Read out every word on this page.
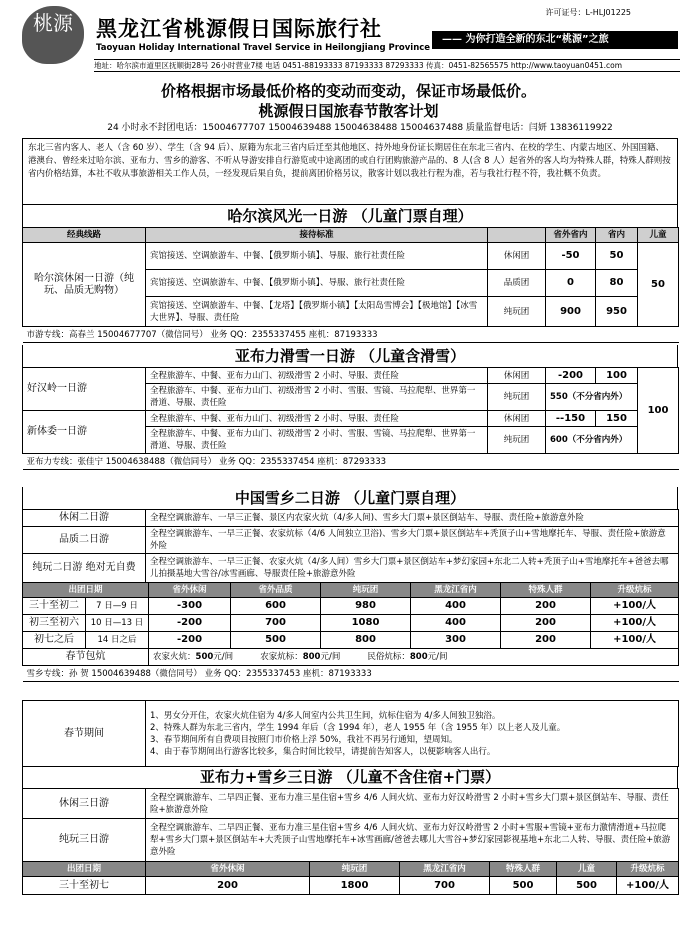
桃源	许可证号：L-HLJ01225
黑龙江省桃源假日国际旅行社
Taoyuan Holiday International Travel Service in Heilongjiang Province
—— 为你打造全新的东北“桃源”之旅
地址：哈尔滨市道里区抚顺街28号 26小时营业7楼 电话 0451-88193333 87193333 87293333 传真：0451-82565575 http://www.taoyuan0451.com
价格根据市场最低价格的变动而变动，保证市场最低价。
桃源假日国旅春节散客计划
24 小时永不封团电话：15004677707 15004639488 15004638488 15004637488 质量监督电话：闫妍 13836119922
东北三省内客人、老人（含 60 岁）、学生（含 94 后）、原籍为东北三省内后迁至其他地区、持外地身份证长期居住在东北三省内、在校的学生、内蒙古地区、外国国籍、港澳台、曾经来过哈尔滨、亚布力、雪乡的游客、不听从导游安排自行游览或中途离团的或自行团购旅游产品的、8 人(含 8 人）起省外的客人均为特殊人群，特殊人群则按省内价格结算，本社不收从事旅游相关工作人员，一经发现后果自负，提前离团价格另议，散客计划以我社行程为准，若与我社行程不符，我社概不负责。
哈尔滨风光一日游 （儿童门票自理）
经典线路	接待标准		省外省内	省内	儿童
哈尔滨休闲一日游（纯玩、品质无购物）	宾馆接送、空调旅游车、中餐、【俄罗斯小镇】、导服、旅行社责任险	休闲团	-50	50	50
	宾馆接送、空调旅游车、中餐、【俄罗斯小镇】、导服、旅行社责任险	品质团	0	80	
	宾馆接送、空调旅游车、中餐、【龙塔】【俄罗斯小镇】【太阳岛雪博会】【极地馆】【冰雪大世界】、导服、责任险	纯玩团	900	950	
市游专线：高春兰 15004677707（微信同号） 业务 QQ：2355337455 座机：87193333					
亚布力滑雪一日游 （儿童含滑雪）
好汉岭一日游	全程旅游车、中餐、亚布力山门、初级滑雪 2 小时、导服、责任险	休闲团	-200	100	100
	全程旅游车、中餐、亚布力山门、初级滑雪 2 小时、雪服、雪镜、马拉爬犁、世界第一滑道、导服、责任险	纯玩团	550（不分省内外）		
新体委一日游	全程旅游车、中餐、亚布力山门、初级滑雪 2 小时、导服、责任险	休闲团	--150	150	
	全程旅游车、中餐、亚布力山门、初级滑雪 2 小时、雪服、雪镜、马拉爬犁、世界第一滑道、导服、责任险	纯玩团	600（不分省内外）		
亚布力专线：张佳宁 15004638488（微信同号） 业务 QQ：2355337454 座机：87293333					
中国雪乡二日游 （儿童门票自理）
休闲二日游	全程空调旅游车、一早三正餐、景区内农家火炕（4/多人间)、雪乡大门票+景区倒站车、导服、责任险+旅游意外险
品质二日游	全程空调旅游车、一早三正餐、农家炕标（4/6 人间独立卫浴)、雪乡大门票+景区倒站车+秃顶子山+雪地摩托车、导服、责任险+旅游意外险
纯玩二日游 绝对无自费	全程空调旅游车、一早三正餐、农家火炕（4/多人间）雪乡大门票+景区倒站车+梦幻家园+东北二人转+秃顶子山+雪地摩托车+爸爸去哪儿拍摄基地大雪谷/冰雪画廊、导服责任险+旅游意外险
出团日期		省外休闲	省外品质	纯玩团	黑龙江省内	特殊人群	升级炕标
三十至初二	7 日—9 日	-300	600	980	400	200	+100/人
初三至初六	10 日—13 日	-200	700	1080	400	200	+100/人
初七之后	14 日之后	-200	500	800	300	200	+100/人
春节包炕		农家火炕：500元/间 农家炕标：800元/间 民俗炕标：800元/间					
雪乡专线：孙 贺 15004639488（微信同号） 业务 QQ：2355337453 座机：87193333							
春节期间	
1、男女分开住，农家火炕住宿为 4/多人间室内公共卫生间，炕标住宿为 4/多人间独卫独浴。
2、特殊人群为东北三省内，学生 1994 年后（含 1994 年），老人 1955 年（含 1955 年）以上老人及儿童。
3、春节期间所有自费项目按照门市价格上浮 50%，我社不再另行通知，望周知。
4、由于春节期间出行游客比较多，集合时间比较早，请提前告知客人，以便影响客人出行。
亚布力+雪乡三日游 （儿童不含住宿+门票）
休闲三日游	全程空调旅游车、二早四正餐、亚布力准三星住宿+雪乡 4/6 人间火炕、亚布力好汉岭滑雪 2 小时+雪乡大门票+景区倒站车、导服、责任险+旅游意外险
纯玩三日游	全程空调旅游车、二早四正餐、亚布力准三星住宿+雪乡 4/6 人间火炕、亚布力好汉岭滑雪 2 小时+雪服+雪镜+亚布力激情滑道+马拉爬犁+雪乡大门票+景区倒站车+大秃顶子山雪地摩托车+冰雪画廊/爸爸去哪儿大雪谷+梦幻家园影视基地+东北二人转、导服、责任险+旅游意外险
出团日期	省外休闲	纯玩团	黑龙江省内	特殊人群	儿童	升级炕标
三十至初七	200	1800	700	500	500	+100/人
